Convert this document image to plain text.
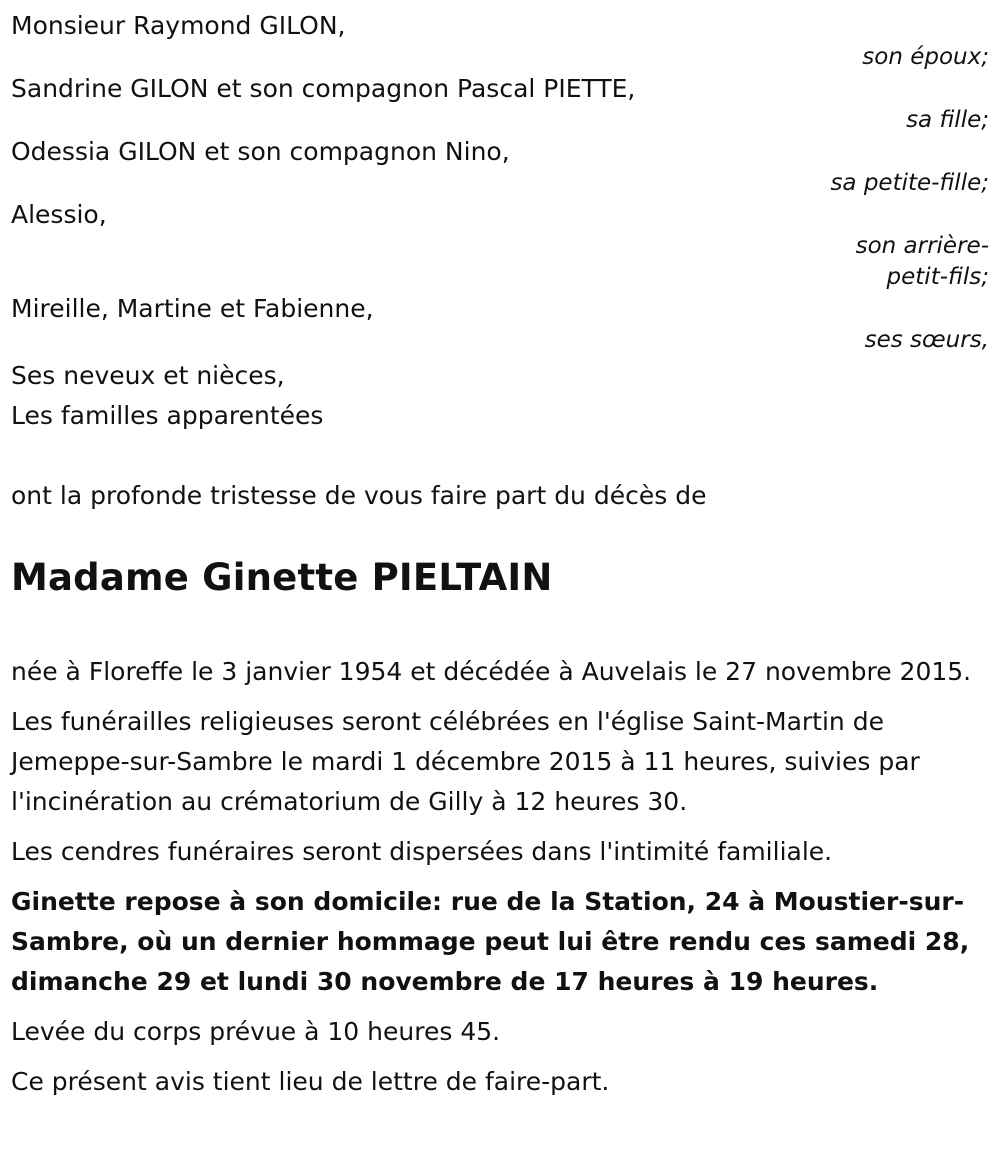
Monsieur Raymond GILON,
son époux;
Sandrine GILON et son compagnon Pascal PIETTE,
sa fille;
Odessia GILON et son compagnon Nino,
sa petite-fille;
Alessio,
son arrière-
petit-fils;
Mireille, Martine et Fabienne,
ses sœurs,
Ses neveux et nièces,
Les familles apparentées
ont la profonde tristesse de vous faire part du décès de
Madame Ginette PIELTAIN

née à Floreffe le 3 janvier 1954 et décédée à Auvelais le 27 novembre 2015.

Les funérailles religieuses seront célébrées en l'église Saint-Martin de Jemeppe-sur-Sambre le mardi 1 décembre 2015 à 11 heures, suivies par l'incinération au crématorium de Gilly à 12 heures 30.

Les cendres funéraires seront dispersées dans l'intimité familiale.

Ginette repose à son domicile: rue de la Station, 24 à Moustier-sur-Sambre, où un dernier hommage peut lui être rendu ces samedi 28, dimanche 29 et lundi 30 novembre de 17 heures à 19 heures.

Levée du corps prévue à 10 heures 45.

Ce présent avis tient lieu de lettre de faire-part.
